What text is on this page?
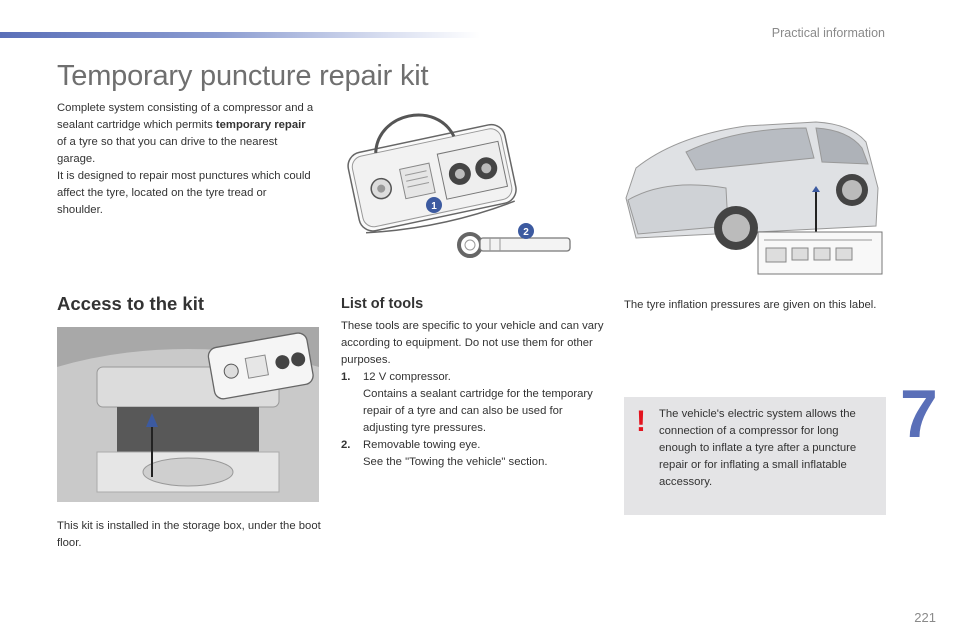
Practical information
Temporary puncture repair kit
Complete system consisting of a compressor and a sealant cartridge which permits temporary repair of a tyre so that you can drive to the nearest garage.
It is designed to repair most punctures which could affect the tyre, located on the tyre tread or shoulder.	1
2
Access to the kit
This kit is installed in the storage box, under the boot floor.
List of tools

These tools are specific to your vehicle and can vary according to equipment. Do not use them for other purposes.

1.	12 V compressor.
Contains a sealant cartridge for the temporary repair of a tyre and can also be used for adjusting tyre pressures.
2.	Removable towing eye.
See the "Towing the vehicle" section.
The tyre inflation pressures are given on this label.
! The vehicle's electric system allows the connection of a compressor for long enough to inflate a tyre after a puncture repair or for inflating a small inflatable accessory.
7
221
